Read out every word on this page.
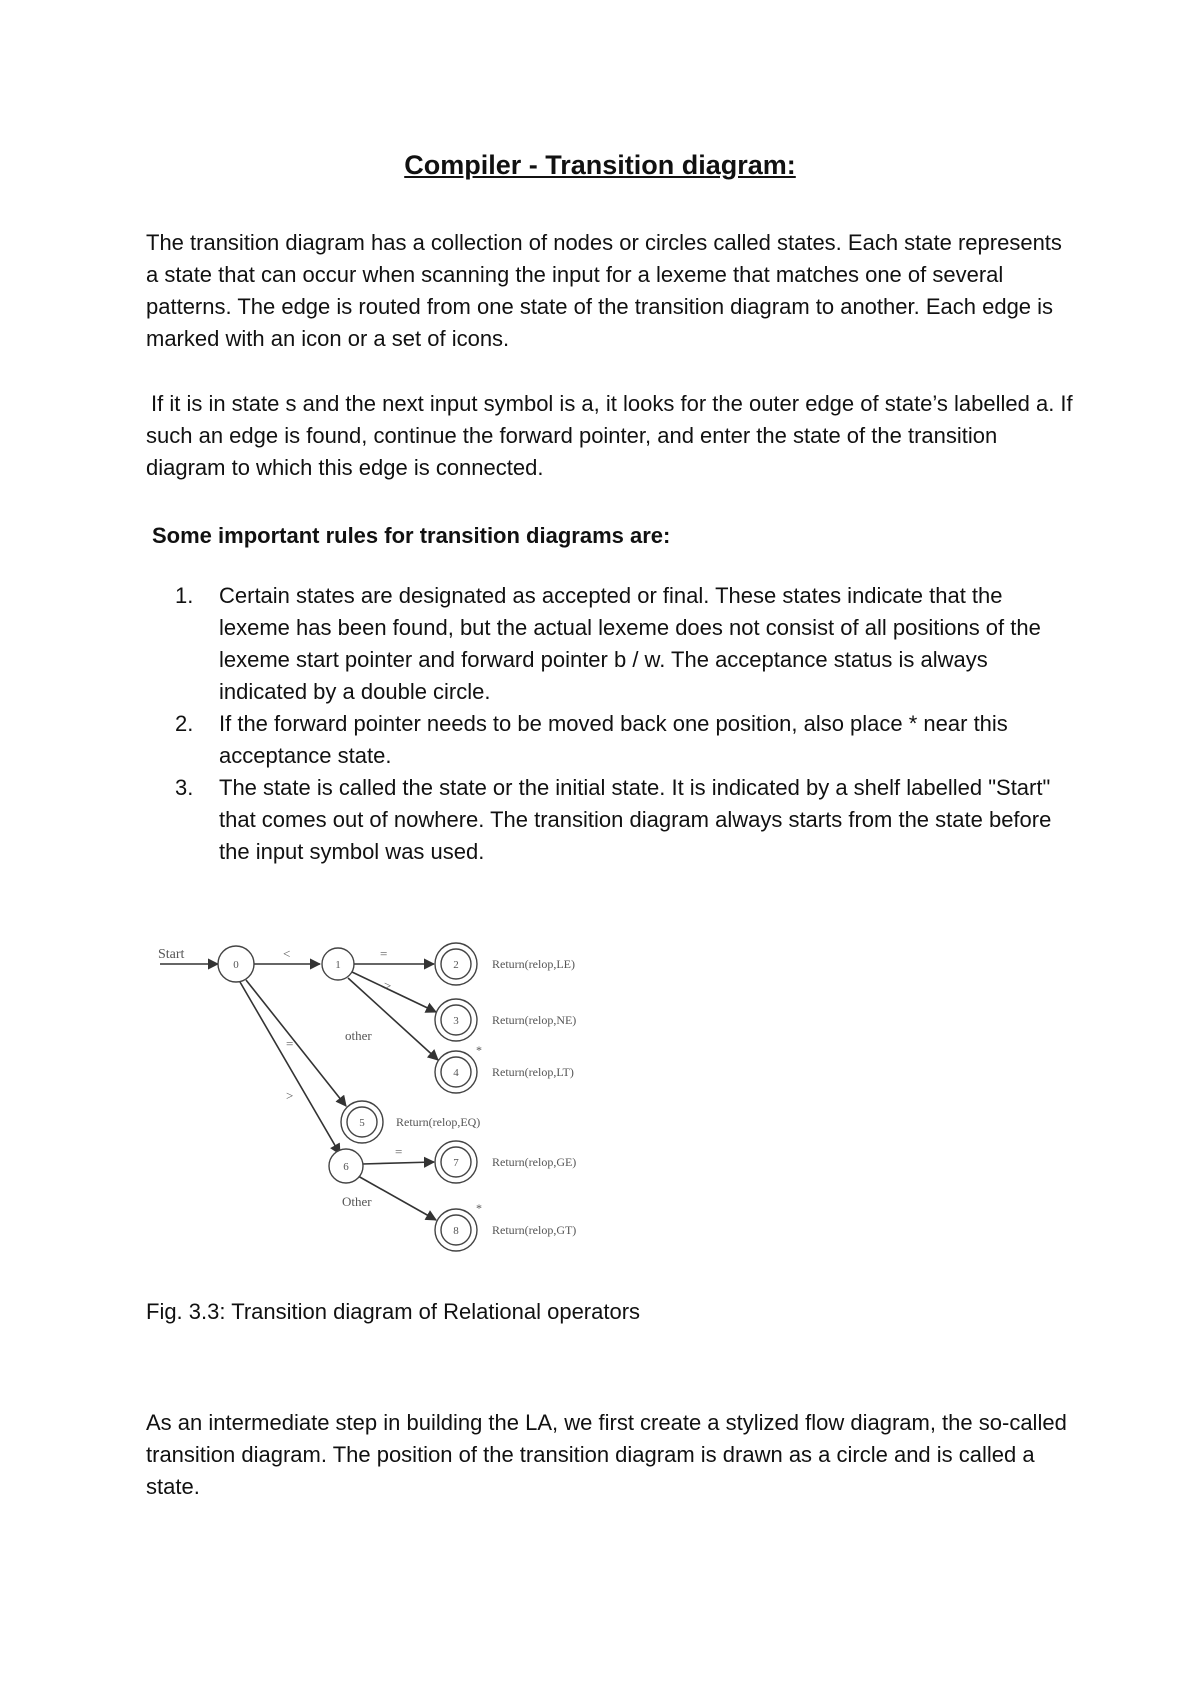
Compiler - Transition diagram:

The transition diagram has a collection of nodes or circles called states. Each state represents a state that can occur when scanning the input for a lexeme that matches one of several patterns. The edge is routed from one state of the transition diagram to another. Each edge is marked with an icon or a set of icons.

If it is in state s and the next input symbol is a, it looks for the outer edge of state’s labelled a. If such an edge is found, continue the forward pointer, and enter the state of the transition diagram to which this edge is connected.

Some important rules for transition diagrams are:

1.	Certain states are designated as accepted or final. These states indicate that the lexeme has been found, but the actual lexeme does not consist of all positions of the lexeme start pointer and forward pointer b / w. The acceptance status is always indicated by a double circle.
2.	If the forward pointer needs to be moved back one position, also place * near this acceptance state.
3.	The state is called the state or the initial state. It is indicated by a shelf labelled "Start" that comes out of nowhere. The transition diagram always starts from the state before the input symbol was used.
Start	<	=
>
other
=
>
=
Other
0	1	2
3
4
5
6	7
8
*
*
Return(relop,LE)
Return(relop,NE)
Return(relop,LT)
Return(relop,EQ)
Return(relop,GE)
Return(relop,GT)

Fig. 3.3: Transition diagram of Relational operators

As an intermediate step in building the LA, we first create a stylized flow diagram, the so-called transition diagram. The position of the transition diagram is drawn as a circle and is called a state.
